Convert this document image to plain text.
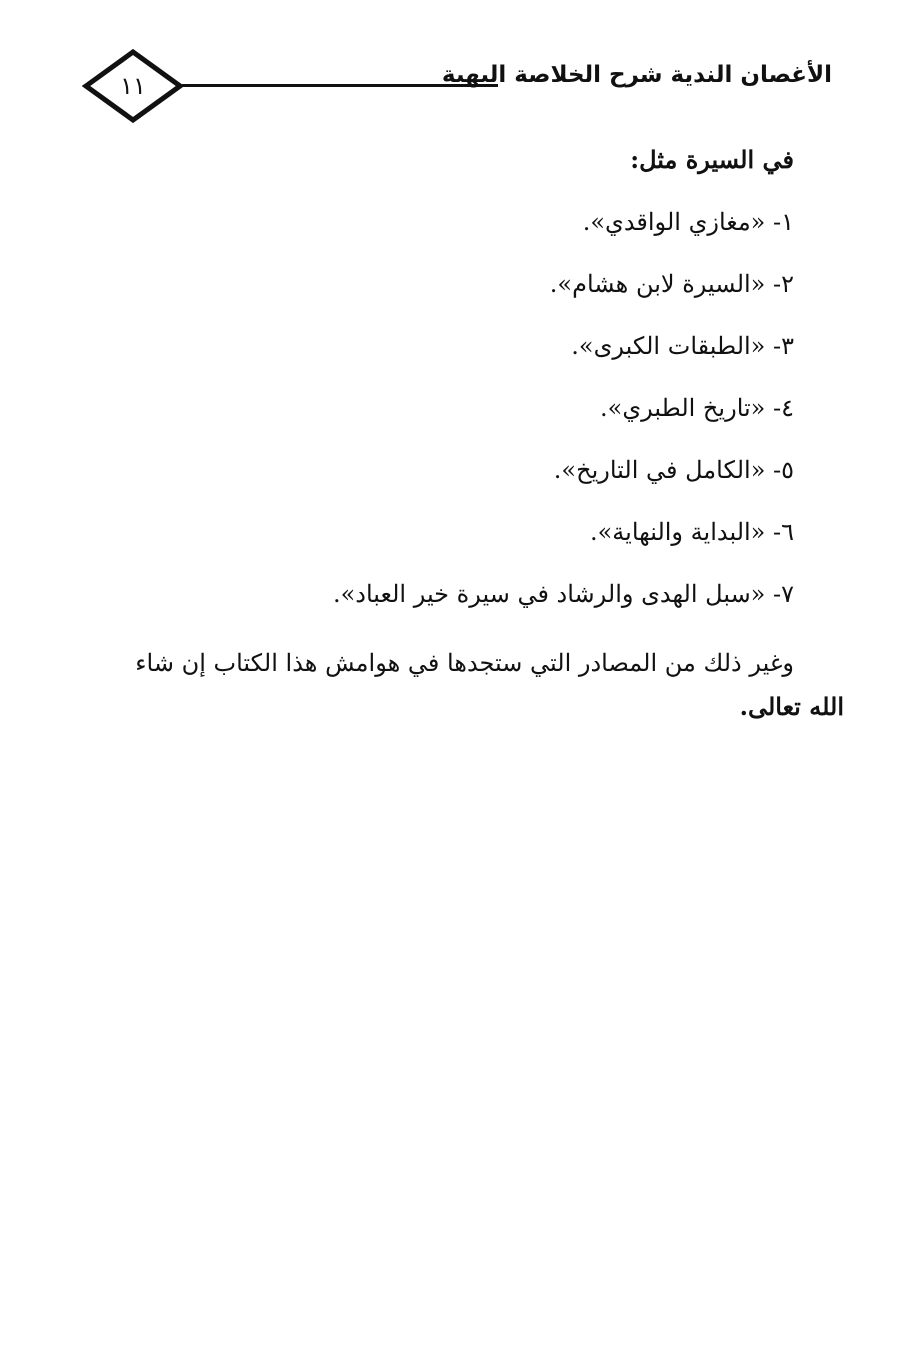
١١	الأغصان الندية شرح الخلاصة البهية

في السيرة مثل:

١- «مغازي الواقدي».
٢- «السيرة لابن هشام».
٣- «الطبقات الكبرى».
٤- «تاريخ الطبري».
٥- «الكامل في التاريخ».
٦- «البداية والنهاية».
٧- «سبل الهدى والرشاد في سيرة خير العباد».

وغير ذلك من المصادر التي ستجدها في هوامش هذا الكتاب إن شاء

الله تعالى.
